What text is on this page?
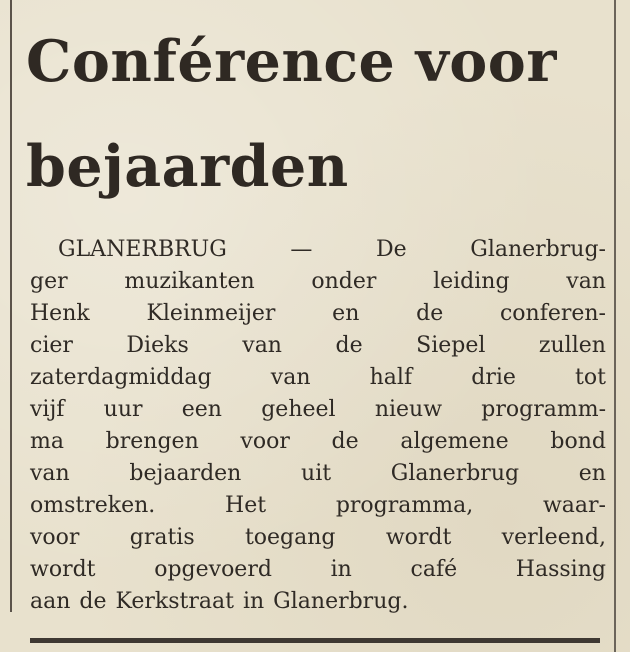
Conférence voor
bejaarden
GLANERBRUG	—	De	Glanerbrug-
ger	muzikanten	onder	leiding	van
Henk	Kleinmeijer	en	de	conferen-
cier Dieks van de Siepel zullen
zaterdagmiddag	van	half	drie	tot
vijf uur een geheel nieuw programm-
ma brengen voor de algemene bond
van	bejaarden	uit	Glanerbrug	en
omstreken.	Het	programma,	waar-
voor gratis toegang wordt verleend,
wordt	opgevoerd	in	café	Hassing
aan de Kerkstraat in Glanerbrug.
